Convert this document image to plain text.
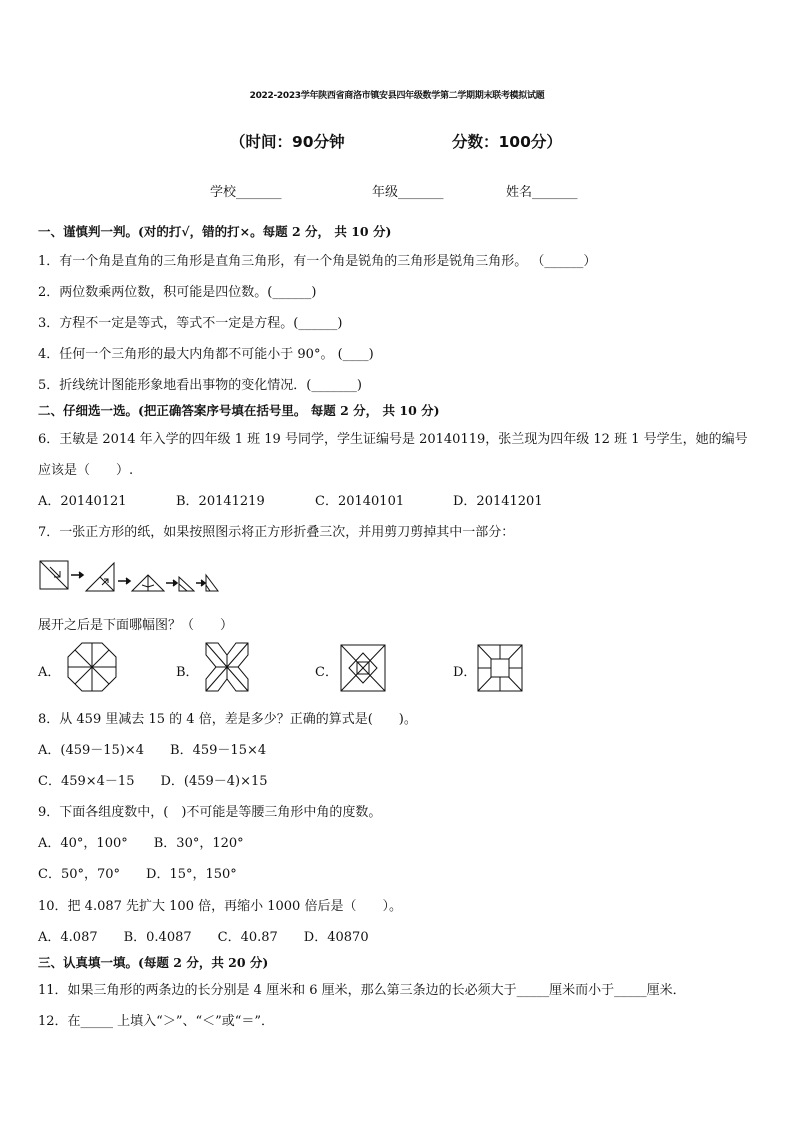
2022-2023学年陕西省商洛市镇安县四年级数学第二学期期末联考模拟试题
（时间：90分钟	分数：100分）
学校_______	年级_______	姓名_______
一、谨慎判一判。(对的打√，错的打×。每题 2 分， 共 10 分)
1．有一个角是直角的三角形是直角三角形，有一个角是锐角的三角形是锐角三角形。 （______）
2．两位数乘两位数，积可能是四位数。(______)
3．方程不一定是等式，等式不一定是方程。(______)
4．任何一个三角形的最大内角都不可能小于 90°。 (____)
5．折线统计图能形象地看出事物的变化情况．(_______)
二、仔细选一选。(把正确答案序号填在括号里。 每题 2 分， 共 10 分)
6．王敏是 2014 年入学的四年级 1 班 19 号同学，学生证编号是 20140119，张兰现为四年级 12 班 1 号学生，她的编号
应该是（　　）.
A．20140121	B．20141219	C．20140101	D．20141201
7．一张正方形的纸，如果按照图示将正方形折叠三次，并用剪刀剪掉其中一部分：
展开之后是下面哪幅图？（　　）
A．	B．	C．	D．
8．从 459 里减去 15 的 4 倍，差是多少？正确的算式是(　　)。
A．(459－15)×4　　B．459－15×4
C．459×4－15　　D．(459－4)×15
9．下面各组度数中，(　)不可能是等腰三角形中角的度数。
A．40°，100°　　B．30°，120°
C．50°，70°　　D．15°，150°
10．把 4.087 先扩大 100 倍，再缩小 1000 倍后是（　　）。
A．4.087　　B．0.4087　　C．40.87　　D．40870
三、认真填一填。(每题 2 分，共 20 分)
11．如果三角形的两条边的长分别是 4 厘米和 6 厘米，那么第三条边的长必须大于_____厘米而小于_____厘米．
12．在_____ 上填入“＞”、“＜”或“＝”．
